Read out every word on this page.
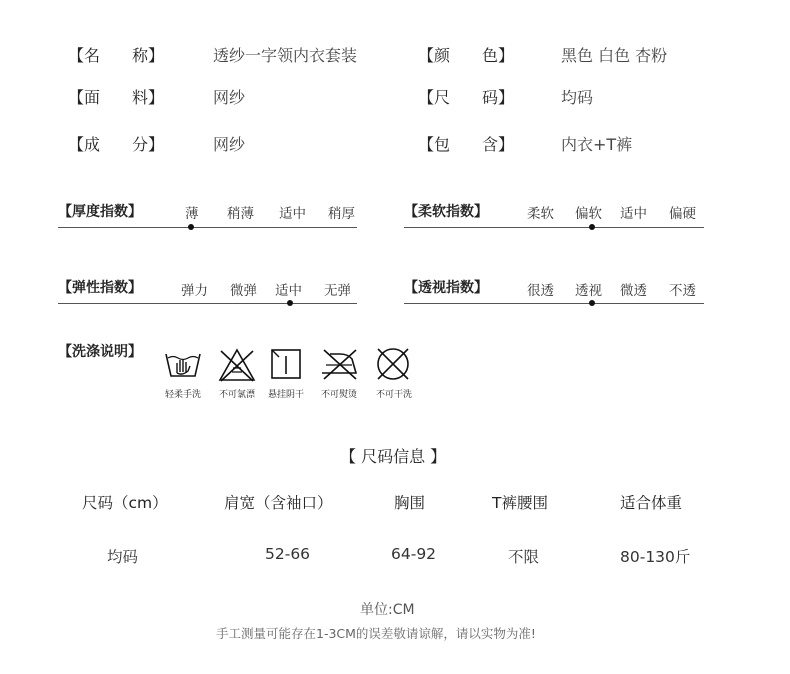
【名　　称】	透纱一字领内衣套装	【颜　　色】	黑色 白色 杏粉
【面　　料】	网纱	【尺　　码】	均码
【成　　分】	网纱	【包　　含】	内衣+T裤
【厚度指数】	薄 稍薄 适中 稍厚	【柔软指数】	柔软 偏软 适中 偏硬
【弹性指数】	弹力 微弹 适中 无弹	【透视指数】	很透 透视 微透 不透
【洗涤说明】
轻柔手洗	不可氯漂	悬挂阴干	不可熨烫	不可干洗
【 尺码信息 】
尺码（cm）	肩宽（含袖口）	胸围	T裤腰围	适合体重
均码	52-66	64-92	不限	80-130斤
单位:CM
手工测量可能存在1-3CM的误差敬请谅解，请以实物为准!
